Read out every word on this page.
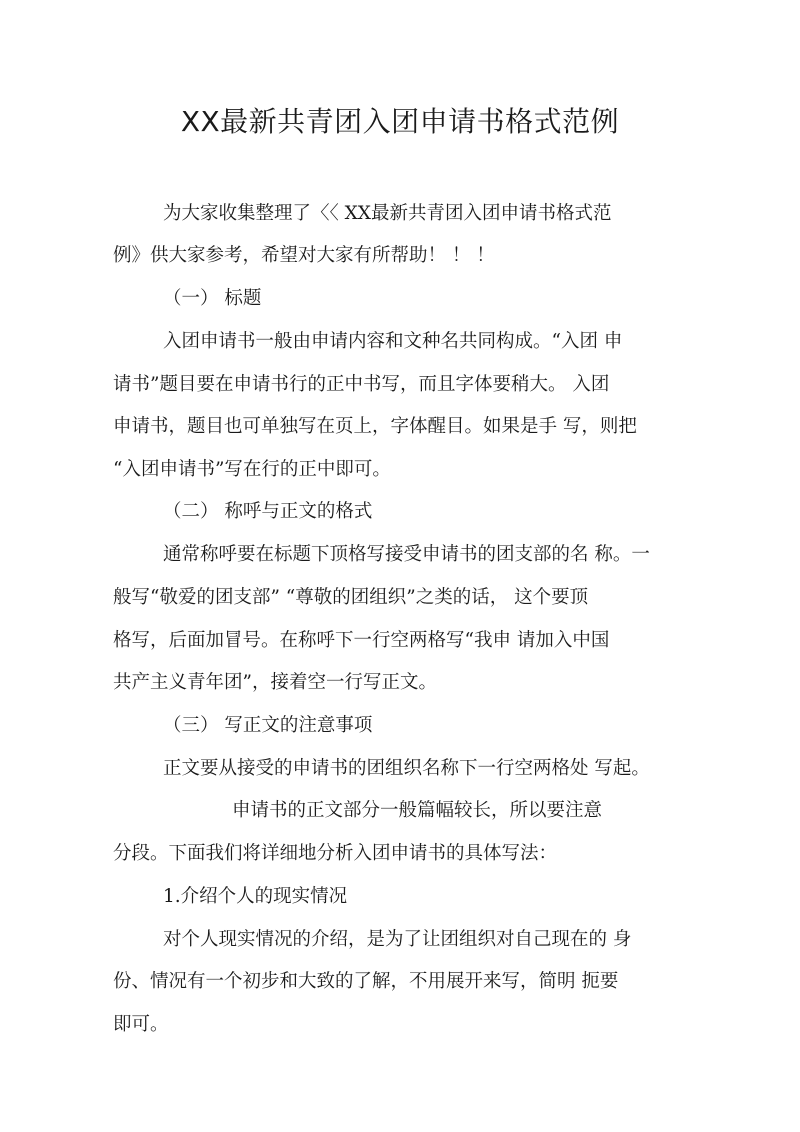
XX最新共青团入团申请书格式范例
为大家收集整理了〈〈 XX最新共青团入团申请书格式范
例》供大家参考，希望对大家有所帮助！ ！ ！
（一） 标题
入团申请书一般由申请内容和文种名共同构成。“入团 申
请书”题目要在申请书行的正中书写，而且字体要稍大。 入团
申请书，题目也可单独写在页上，字体醒目。如果是手 写，则把
“入团申请书”写在行的正中即可。
（二） 称呼与正文的格式
通常称呼要在标题下顶格写接受申请书的团支部的名 称。一
般写“敬爱的团支部” “尊敬的团组织”之类的话， 这个要顶
格写，后面加冒号。在称呼下一行空两格写“我申 请加入中国
共产主义青年团”，接着空一行写正文。
（三） 写正文的注意事项
正文要从接受的申请书的团组织名称下一行空两格处 写起。
申请书的正文部分一般篇幅较长，所以要注意
分段。下面我们将详细地分析入团申请书的具体写法：
1.介绍个人的现实情况
对个人现实情况的介绍，是为了让团组织对自己现在的 身
份、情况有一个初步和大致的了解，不用展开来写，简明 扼要
即可。
